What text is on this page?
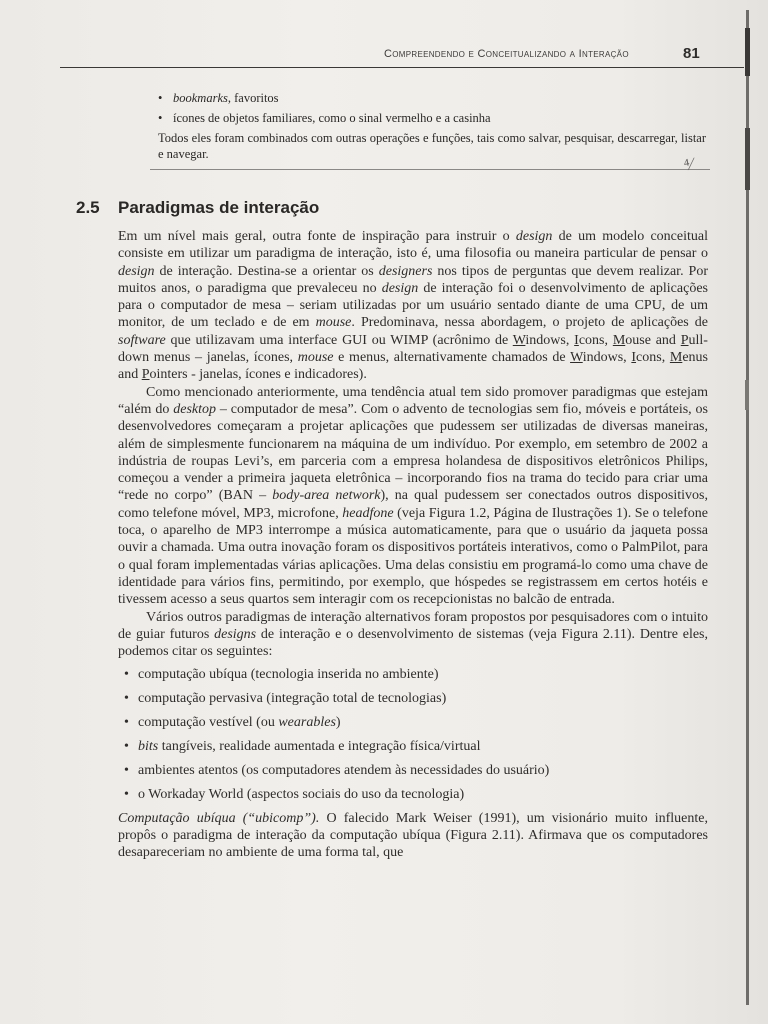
Compreendendo e Conceitualizando a Interação	81
• bookmarks, favoritos
• ícones de objetos familiares, como o sinal vermelho e a casinha
Todos eles foram combinados com outras operações e funções, tais como salvar, pesquisar, descarregar, listar e navegar.
⁴⁄
2.5 Paradigmas de interação

Em um nível mais geral, outra fonte de inspiração para instruir o design de um modelo conceitual consiste em utilizar um paradigma de interação, isto é, uma filosofia ou maneira particular de pensar o design de interação. Destina-se a orientar os designers nos tipos de perguntas que devem realizar. Por muitos anos, o paradigma que prevaleceu no design de interação foi o desenvolvimento de aplicações para o computador de mesa – seriam utilizadas por um usuário sentado diante de uma CPU, de um monitor, de um teclado e de em mouse. Predominava, nessa abordagem, o projeto de aplicações de software que utilizavam uma interface GUI ou WIMP (acrônimo de Windows, Icons, Mouse and Pull-down menus – janelas, ícones, mouse e menus, alternativamente chamados de Windows, Icons, Menus and Pointers - janelas, ícones e indicadores).

Como mencionado anteriormente, uma tendência atual tem sido promover paradigmas que estejam “além do desktop – computador de mesa”. Com o advento de tecnologias sem fio, móveis e portáteis, os desenvolvedores começaram a projetar aplicações que pudessem ser utilizadas de diversas maneiras, além de simplesmente funcionarem na máquina de um indivíduo. Por exemplo, em setembro de 2002 a indústria de roupas Levi’s, em parceria com a empresa holandesa de dispositivos eletrônicos Philips, começou a vender a primeira jaqueta eletrônica – incorporando fios na trama do tecido para criar uma “rede no corpo” (BAN – body-area network), na qual pudessem ser conectados outros dispositivos, como telefone móvel, MP3, microfone, headfone (veja Figura 1.2, Página de Ilustrações 1). Se o telefone toca, o aparelho de MP3 interrompe a música automaticamente, para que o usuário da jaqueta possa ouvir a chamada. Uma outra inovação foram os dispositivos portáteis interativos, como o PalmPilot, para o qual foram implementadas várias aplicações. Uma delas consistiu em programá-lo como uma chave de identidade para vários fins, permitindo, por exemplo, que hóspedes se registrassem em certos hotéis e tivessem acesso a seus quartos sem interagir com os recepcionistas no balcão de entrada.

Vários outros paradigmas de interação alternativos foram propostos por pesquisadores com o intuito de guiar futuros designs de interação e o desenvolvimento de sistemas (veja Figura 2.11). Dentre eles, podemos citar os seguintes:

• computação ubíqua (tecnologia inserida no ambiente)
• computação pervasiva (integração total de tecnologias)
• computação vestível (ou wearables)
• bits tangíveis, realidade aumentada e integração física/virtual
• ambientes atentos (os computadores atendem às necessidades do usuário)
• o Workaday World (aspectos sociais do uso da tecnologia)

Computação ubíqua (“ubicomp”). O falecido Mark Weiser (1991), um visionário muito influente, propôs o paradigma de interação da computação ubíqua (Figura 2.11). Afirmava que os computadores desapareceriam no ambiente de uma forma tal, que
